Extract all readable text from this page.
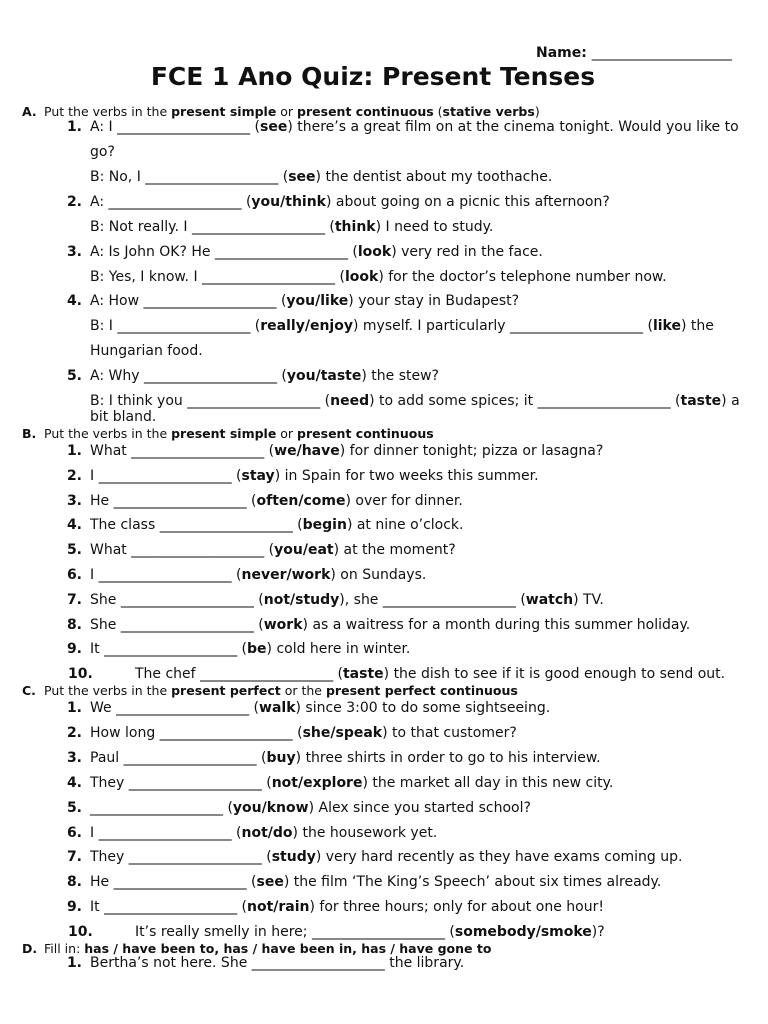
Name: ____________________
FCE 1 Ano Quiz: Present Tenses
A. Put the verbs in the present simple or present continuous (stative verbs)
1. A: I ___________________ (see) there’s a great film on at the cinema tonight. Would you like to
go?
B: No, I ___________________ (see) the dentist about my toothache.
2. A: ___________________ (you/think) about going on a picnic this afternoon?
B: Not really. I ___________________ (think) I need to study.
3. A: Is John OK? He ___________________ (look) very red in the face.
B: Yes, I know. I ___________________ (look) for the doctor’s telephone number now.
4. A: How ___________________ (you/like) your stay in Budapest?
B: I ___________________ (really/enjoy) myself. I particularly ___________________ (like) the
Hungarian food.
5. A: Why ___________________ (you/taste) the stew?
B: I think you ___________________ (need) to add some spices; it ___________________ (taste) a
bit bland.
B. Put the verbs in the present simple or present continuous
1. What ___________________ (we/have) for dinner tonight; pizza or lasagna?
2. I ___________________ (stay) in Spain for two weeks this summer.
3. He ___________________ (often/come) over for dinner.
4. The class ___________________ (begin) at nine o’clock.
5. What ___________________ (you/eat) at the moment?
6. I ___________________ (never/work) on Sundays.
7. She ___________________ (not/study), she ___________________ (watch) TV.
8. She ___________________ (work) as a waitress for a month during this summer holiday.
9. It ___________________ (be) cold here in winter.
10.	The chef ___________________ (taste) the dish to see if it is good enough to send out.
C. Put the verbs in the present perfect or the present perfect continuous
1. We ___________________ (walk) since 3:00 to do some sightseeing.
2. How long ___________________ (she/speak) to that customer?
3. Paul ___________________ (buy) three shirts in order to go to his interview.
4. They ___________________ (not/explore) the market all day in this new city.
5. ___________________ (you/know) Alex since you started school?
6. I ___________________ (not/do) the housework yet.
7. They ___________________ (study) very hard recently as they have exams coming up.
8. He ___________________ (see) the film ‘The King’s Speech’ about six times already.
9. It ___________________ (not/rain) for three hours; only for about one hour!
10.	It’s really smelly in here; ___________________ (somebody/smoke)?
D. Fill in: has / have been to, has / have been in, has / have gone to
1. Bertha’s not here. She ___________________ the library.
